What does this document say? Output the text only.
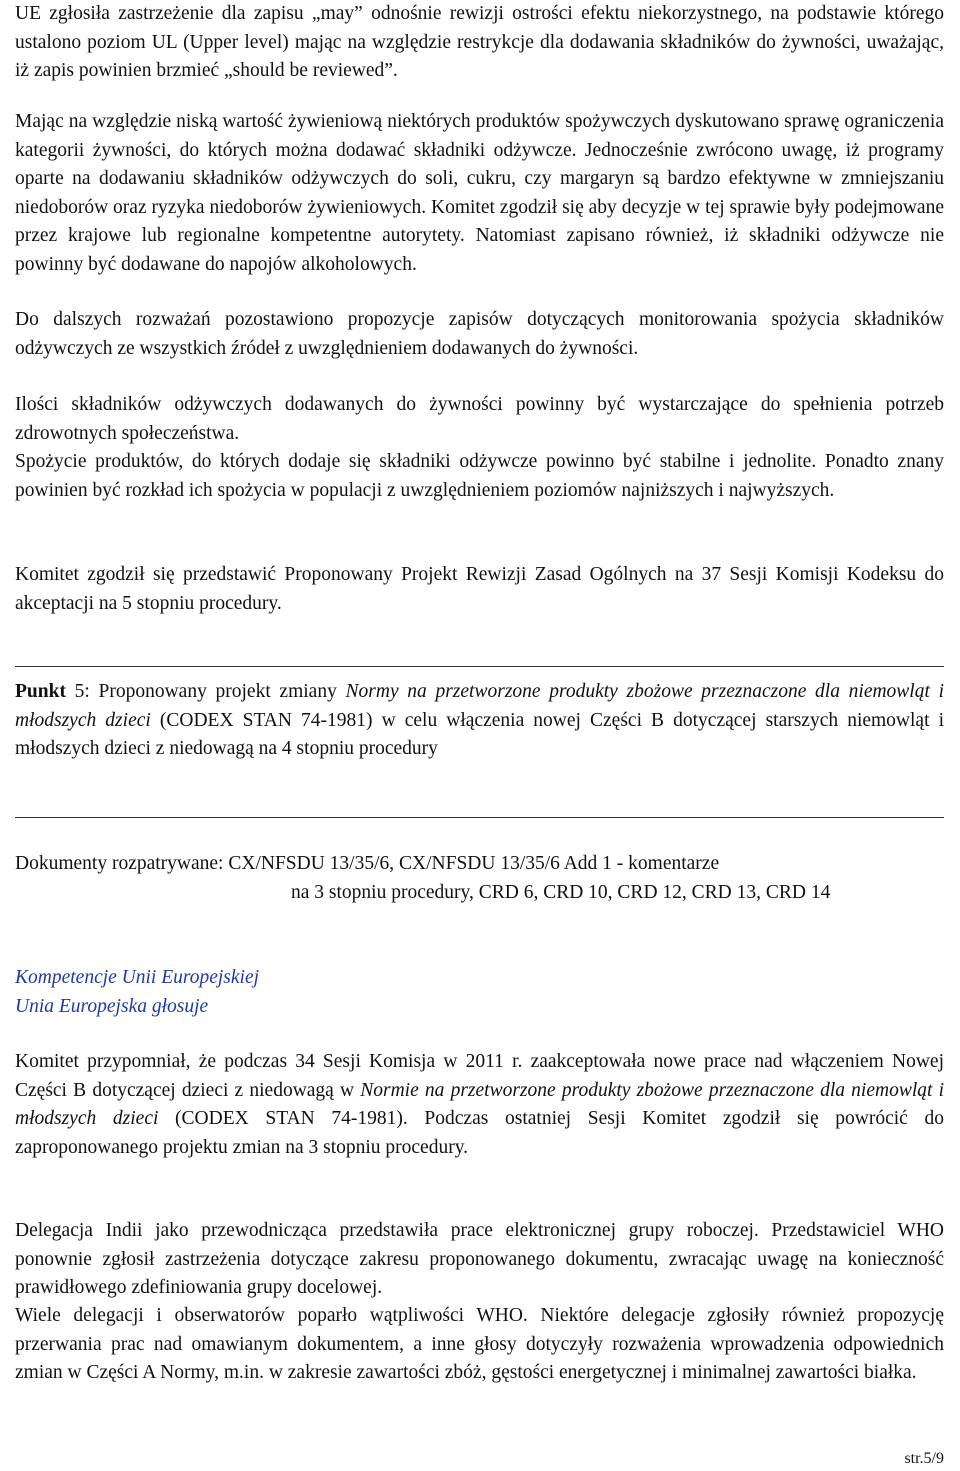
UE zgłosiła zastrzeżenie dla zapisu „may” odnośnie rewizji ostrości efektu niekorzystnego, na podstawie którego ustalono poziom UL (Upper level) mając na względzie restrykcje dla dodawania składników do żywności, uważając, iż zapis powinien brzmieć „should be reviewed”.

Mając na względzie niską wartość żywieniową niektórych produktów spożywczych dyskutowano sprawę ograniczenia kategorii żywności, do których można dodawać składniki odżywcze. Jednocześnie zwrócono uwagę, iż programy oparte na dodawaniu składników odżywczych do soli, cukru, czy margaryn są bardzo efektywne w zmniejszaniu niedoborów oraz ryzyka niedoborów żywieniowych. Komitet zgodził się aby decyzje w tej sprawie były podejmowane przez krajowe lub regionalne kompetentne autorytety. Natomiast zapisano również, iż składniki odżywcze nie powinny być dodawane do napojów alkoholowych.

Do dalszych rozważań pozostawiono propozycje zapisów dotyczących monitorowania spożycia składników odżywczych ze wszystkich źródeł z uwzględnieniem dodawanych do żywności.

Ilości składników odżywczych dodawanych do żywności powinny być wystarczające do spełnienia potrzeb zdrowotnych społeczeństwa.

Spożycie produktów, do których dodaje się składniki odżywcze powinno być stabilne i jednolite. Ponadto znany powinien być rozkład ich spożycia w populacji z uwzględnieniem poziomów najniższych i najwyższych.

Komitet zgodził się przedstawić Proponowany Projekt Rewizji Zasad Ogólnych na 37 Sesji Komisji Kodeksu do akceptacji na 5 stopniu procedury.

Punkt 5: Proponowany projekt zmiany Normy na przetworzone produkty zbożowe przeznaczone dla niemowląt i młodszych dzieci (CODEX STAN 74-1981) w celu włączenia nowej Części B dotyczącej starszych niemowląt i młodszych dzieci z niedowagą na 4 stopniu procedury

Dokumenty rozpatrywane: CX/NFSDU 13/35/6, CX/NFSDU 13/35/6 Add 1 - komentarze

na 3 stopniu procedury, CRD 6, CRD 10, CRD 12, CRD 13, CRD 14

Kompetencje Unii Europejskiej
Unia Europejska głosuje

Komitet przypomniał, że podczas 34 Sesji Komisja w 2011 r. zaakceptowała nowe prace nad włączeniem Nowej Części B dotyczącej dzieci z niedowagą w Normie na przetworzone produkty zbożowe przeznaczone dla niemowląt i młodszych dzieci (CODEX STAN 74-1981). Podczas ostatniej Sesji Komitet zgodził się powrócić do zaproponowanego projektu zmian na 3 stopniu procedury.

Delegacja Indii jako przewodnicząca przedstawiła prace elektronicznej grupy roboczej. Przedstawiciel WHO ponownie zgłosił zastrzeżenia dotyczące zakresu proponowanego dokumentu, zwracając uwagę na konieczność prawidłowego zdefiniowania grupy docelowej.

Wiele delegacji i obserwatorów poparło wątpliwości WHO. Niektóre delegacje zgłosiły również propozycję przerwania prac nad omawianym dokumentem, a inne głosy dotyczyły rozważenia wprowadzenia odpowiednich zmian w Części A Normy, m.in. w zakresie zawartości zbóż, gęstości energetycznej i minimalnej zawartości białka.

str.5/9
